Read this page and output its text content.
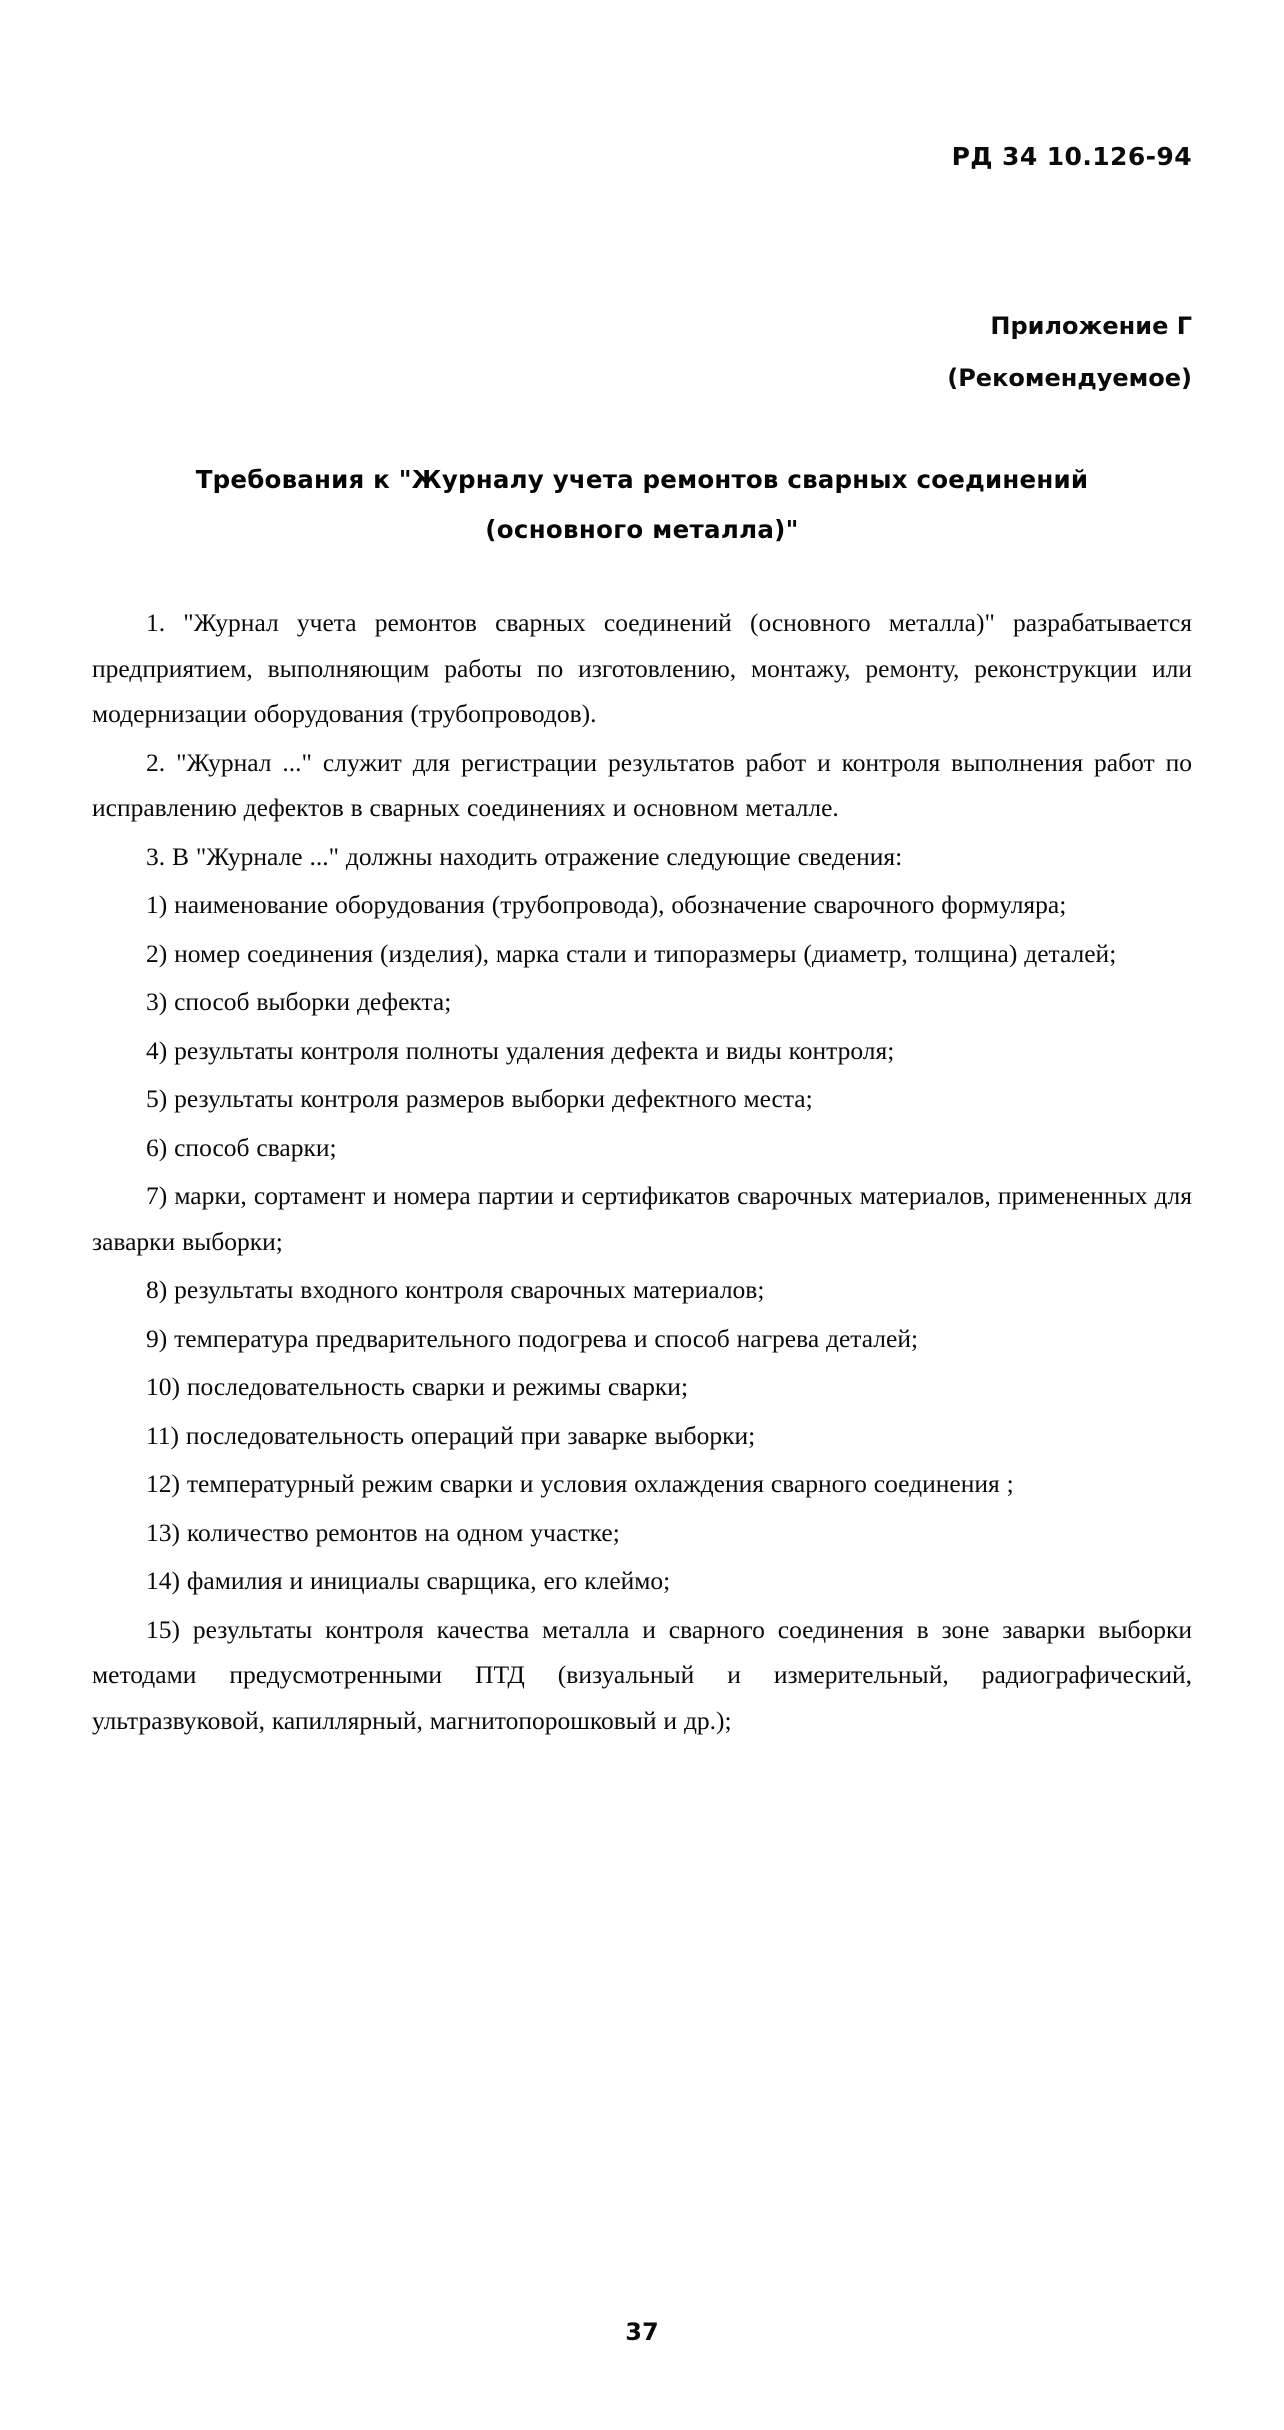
РД 34 10.126-94
Приложение Г
(Рекомендуемое)
Требования к "Журналу учета ремонтов сварных соединений
(основного металла)"

1. "Журнал учета ремонтов сварных соединений (основного металла)" разрабатывается предприятием, выполняющим работы по изготовлению, монтажу, ремонту, реконструкции или модернизации оборудования (трубопроводов).

2. "Журнал ..." служит для регистрации результатов работ и контроля выполнения работ по исправлению дефектов в сварных соединениях и основном металле.

3. В "Журнале ..." должны находить отражение следующие сведения:

1) наименование оборудования (трубопровода), обозначение сварочного формуляра;

2) номер соединения (изделия), марка стали и типоразмеры (диаметр, толщина) деталей;

3) способ выборки дефекта;

4) результаты контроля полноты удаления дефекта и виды контроля;

5) результаты контроля размеров выборки дефектного места;

6) способ сварки;

7) марки, сортамент и номера партии и сертификатов сварочных материалов, примененных для заварки выборки;

8) результаты входного контроля сварочных материалов;

9) температура предварительного подогрева и способ нагрева деталей;

10) последовательность сварки и режимы сварки;

11) последовательность операций при заварке выборки;

12) температурный режим сварки и условия охлаждения сварного соединения ;

13) количество ремонтов на одном участке;

14) фамилия и инициалы сварщика, его клеймо;

15) результаты контроля качества металла и сварного соединения в зоне заварки выборки методами предусмотренными ПТД (визуальный и измерительный, радиографический, ультразвуковой, капиллярный, магнитопорошковый и др.);

37
